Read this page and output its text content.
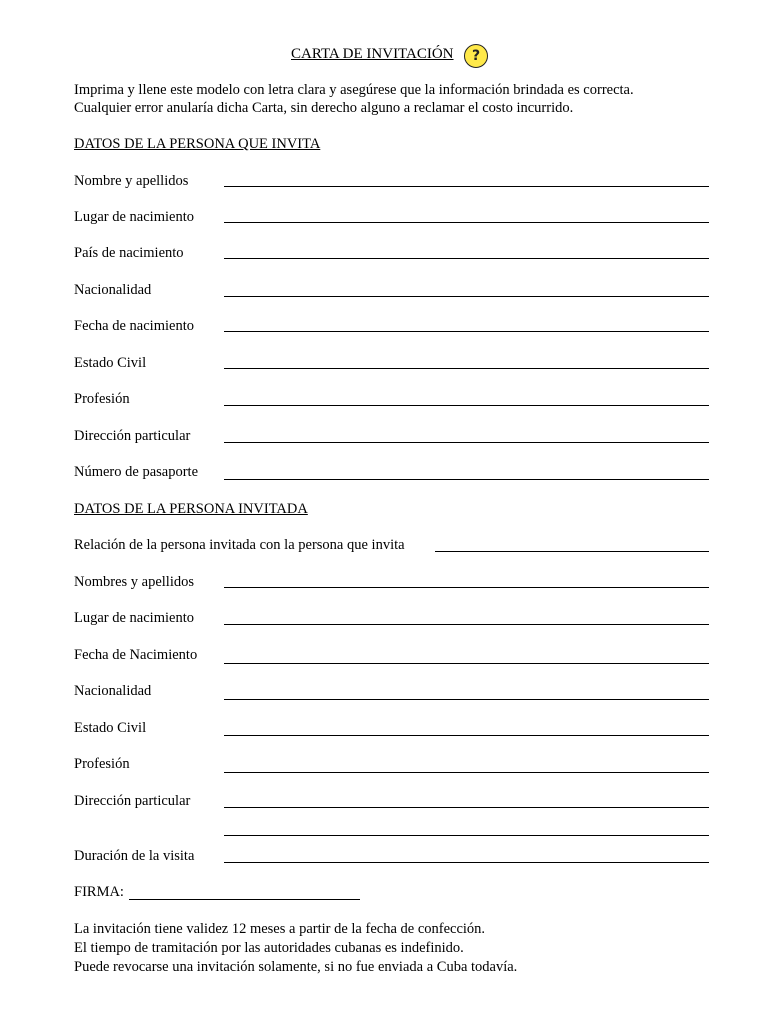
CARTA DE INVITACIÓN	?
Imprima y llene este modelo con letra clara y asegúrese que la información brindada es correcta.
Cualquier error anularía dicha Carta, sin derecho alguno a reclamar el costo incurrido.
DATOS DE LA PERSONA QUE INVITA
Nombre y apellidos
Lugar de nacimiento
País de nacimiento
Nacionalidad
Fecha de nacimiento
Estado Civil
Profesión
Dirección particular
Número de pasaporte
DATOS DE LA PERSONA INVITADA
Relación de la persona invitada con la persona que invita
Nombres y apellidos
Lugar de nacimiento
Fecha de Nacimiento
Nacionalidad
Estado Civil
Profesión
Dirección particular
Duración de la visita
FIRMA:
La invitación tiene validez 12 meses a partir de la fecha de confección.
El tiempo de tramitación por las autoridades cubanas es indefinido.
Puede revocarse una invitación solamente, si no fue enviada a Cuba todavía.
